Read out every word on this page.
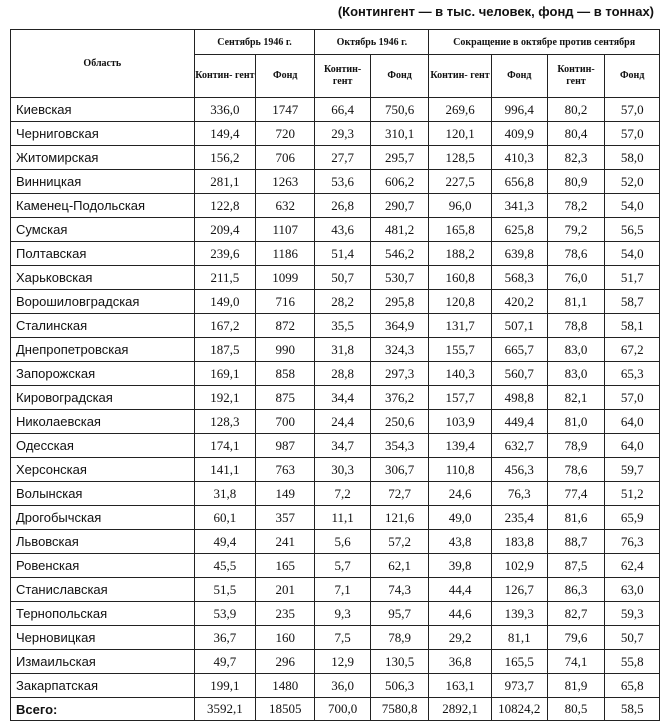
(Контингент — в тыс. человек, фонд — в тоннах)
Область	Сентябрь 1946 г.		Октябрь 1946 г.		Сокращение в октябре против сентября			
	Контин- гент	Фонд	Контин- гент	Фонд	Контин- гент	Фонд	Контин- гент	Фонд
Киевская	336,0	1747	66,4	750,6	269,6	996,4	80,2	57,0
Черниговская	149,4	720	29,3	310,1	120,1	409,9	80,4	57,0
Житомирская	156,2	706	27,7	295,7	128,5	410,3	82,3	58,0
Винницкая	281,1	1263	53,6	606,2	227,5	656,8	80,9	52,0
Каменец-Подольская	122,8	632	26,8	290,7	96,0	341,3	78,2	54,0
Сумская	209,4	1107	43,6	481,2	165,8	625,8	79,2	56,5
Полтавская	239,6	1186	51,4	546,2	188,2	639,8	78,6	54,0
Харьковская	211,5	1099	50,7	530,7	160,8	568,3	76,0	51,7
Ворошиловградская	149,0	716	28,2	295,8	120,8	420,2	81,1	58,7
Сталинская	167,2	872	35,5	364,9	131,7	507,1	78,8	58,1
Днепропетровская	187,5	990	31,8	324,3	155,7	665,7	83,0	67,2
Запорожская	169,1	858	28,8	297,3	140,3	560,7	83,0	65,3
Кировоградская	192,1	875	34,4	376,2	157,7	498,8	82,1	57,0
Николаевская	128,3	700	24,4	250,6	103,9	449,4	81,0	64,0
Одесская	174,1	987	34,7	354,3	139,4	632,7	78,9	64,0
Херсонская	141,1	763	30,3	306,7	110,8	456,3	78,6	59,7
Волынская	31,8	149	7,2	72,7	24,6	76,3	77,4	51,2
Дрогобычская	60,1	357	11,1	121,6	49,0	235,4	81,6	65,9
Львовская	49,4	241	5,6	57,2	43,8	183,8	88,7	76,3
Ровенская	45,5	165	5,7	62,1	39,8	102,9	87,5	62,4
Станиславская	51,5	201	7,1	74,3	44,4	126,7	86,3	63,0
Тернопольская	53,9	235	9,3	95,7	44,6	139,3	82,7	59,3
Черновицкая	36,7	160	7,5	78,9	29,2	81,1	79,6	50,7
Измаильская	49,7	296	12,9	130,5	36,8	165,5	74,1	55,8
Закарпатская	199,1	1480	36,0	506,3	163,1	973,7	81,9	65,8
Всего:	3592,1	18505	700,0	7580,8	2892,1	10824,2	80,5	58,5
